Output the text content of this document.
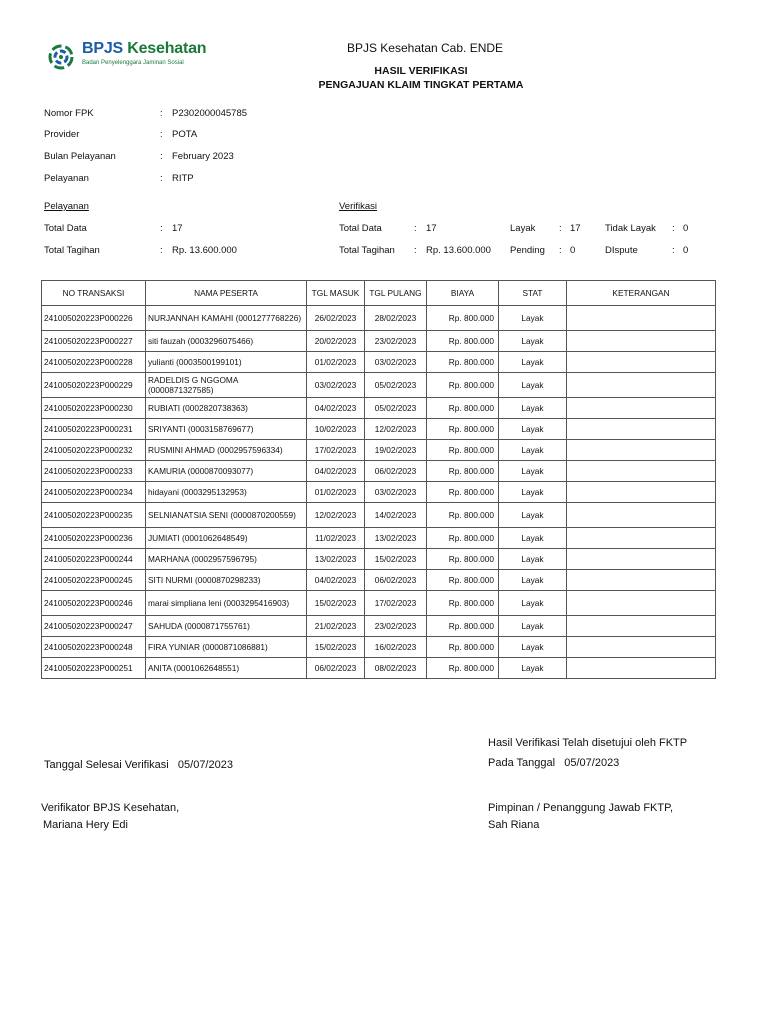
BPJS Kesehatan
Badan Penyelenggara Jaminan Sosial
BPJS Kesehatan Cab. ENDE
HASIL VERIFIKASI
PENGAJUAN KLAIM TINGKAT PERTAMA
Nomor FPK	: P2302000045785
Provider	: POTA
Bulan Pelayanan	: February 2023
Pelayanan	: RITP
Pelayanan	Verifikasi
Total Data	: 17
Total Tagihan	: Rp. 13.600.000
Total Data	: 17
Total Tagihan : Rp. 13.600.000
Layak : 17
Pending : 0
Tidak Layak : 0
DIspute	: 0
NO TRANSAKSI	NAMA PESERTA	TGL MASUK	TGL PULANG	BIAYA	STAT	KETERANGAN
241005020223P000226	NURJANNAH KAMAHI (0001277768226)	26/02/2023	28/02/2023	Rp. 800.000	Layak	
241005020223P000227	siti fauzah (0003296075466)	20/02/2023	23/02/2023	Rp. 800.000	Layak	
241005020223P000228	yulianti (0003500199101)	01/02/2023	03/02/2023	Rp. 800.000	Layak	
241005020223P000229	RADELDIS G NGGOMA (0000871327585)	03/02/2023	05/02/2023	Rp. 800.000	Layak	
241005020223P000230	RUBIATI (0002820738363)	04/02/2023	05/02/2023	Rp. 800.000	Layak	
241005020223P000231	SRIYANTI (0003158769677)	10/02/2023	12/02/2023	Rp. 800.000	Layak	
241005020223P000232	RUSMINI AHMAD (0002957596334)	17/02/2023	19/02/2023	Rp. 800.000	Layak	
241005020223P000233	KAMURIA (0000870093077)	04/02/2023	06/02/2023	Rp. 800.000	Layak	
241005020223P000234	hidayani (0003295132953)	01/02/2023	03/02/2023	Rp. 800.000	Layak	
241005020223P000235	SELNIANATSIA SENI (0000870200559)	12/02/2023	14/02/2023	Rp. 800.000	Layak	
241005020223P000236	JUMIATI (0001062648549)	11/02/2023	13/02/2023	Rp. 800.000	Layak	
241005020223P000244	MARHANA (0002957596795)	13/02/2023	15/02/2023	Rp. 800.000	Layak	
241005020223P000245	SITI NURMI (0000870298233)	04/02/2023	06/02/2023	Rp. 800.000	Layak	
241005020223P000246	marai simpliana leni (0003295416903)	15/02/2023	17/02/2023	Rp. 800.000	Layak	
241005020223P000247	SAHUDA (0000871755761)	21/02/2023	23/02/2023	Rp. 800.000	Layak	
241005020223P000248	FIRA YUNIAR (0000871086881)	15/02/2023	16/02/2023	Rp. 800.000	Layak	
241005020223P000251	ANITA (0001062648551)	06/02/2023	08/02/2023	Rp. 800.000	Layak	
Hasil Verifikasi Telah disetujui oleh FKTP
Pada Tanggal   05/07/2023
Tanggal Selesai Verifikasi   05/07/2023
Verifikator BPJS Kesehatan,
Mariana Hery Edi
Pimpinan / Penanggung Jawab FKTP,
Sah Riana
